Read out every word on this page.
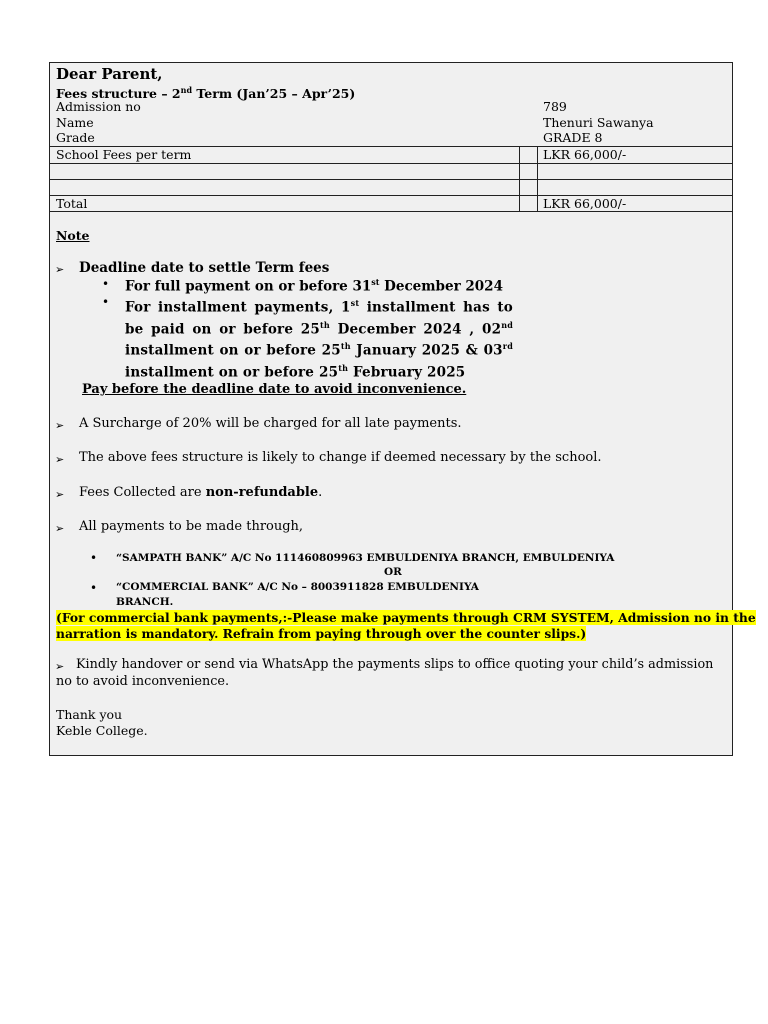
Dear Parent,
Fees structure – 2nd Term (Jan’25 – Apr’25)
Admission no	789
Name	Thenuri Sawanya
Grade	GRADE 8
School Fees per term	LKR 66,000/-
Total	LKR 66,000/-
Note
➢ Deadline date to settle Term fees
• For full payment on or before 31st December 2024
• For installment payments, 1st installment has to be paid on or before 25th December 2024 , 02nd installment on or before 25th January 2025 & 03rd installment on or before 25th February 2025
Pay before the deadline date to avoid inconvenience.
➢ A Surcharge of 20% will be charged for all late payments.
➢ The above fees structure is likely to change if deemed necessary by the school.
➢ Fees Collected are non-refundable.
➢ All payments to be made through,
• “SAMPATH BANK” A/C No 111460809963 EMBULDENIYA BRANCH, EMBULDENIYA
OR
• “COMMERCIAL BANK” A/C No – 8003911828 EMBULDENIYA
BRANCH.
(For commercial bank payments,:-Please make payments through CRM SYSTEM, Admission no in the
narration is mandatory. Refrain from paying through over the counter slips.)
➢ Kindly handover or send via WhatsApp the payments slips to office quoting your child’s admission
no to avoid inconvenience.
Thank you
Keble College.
